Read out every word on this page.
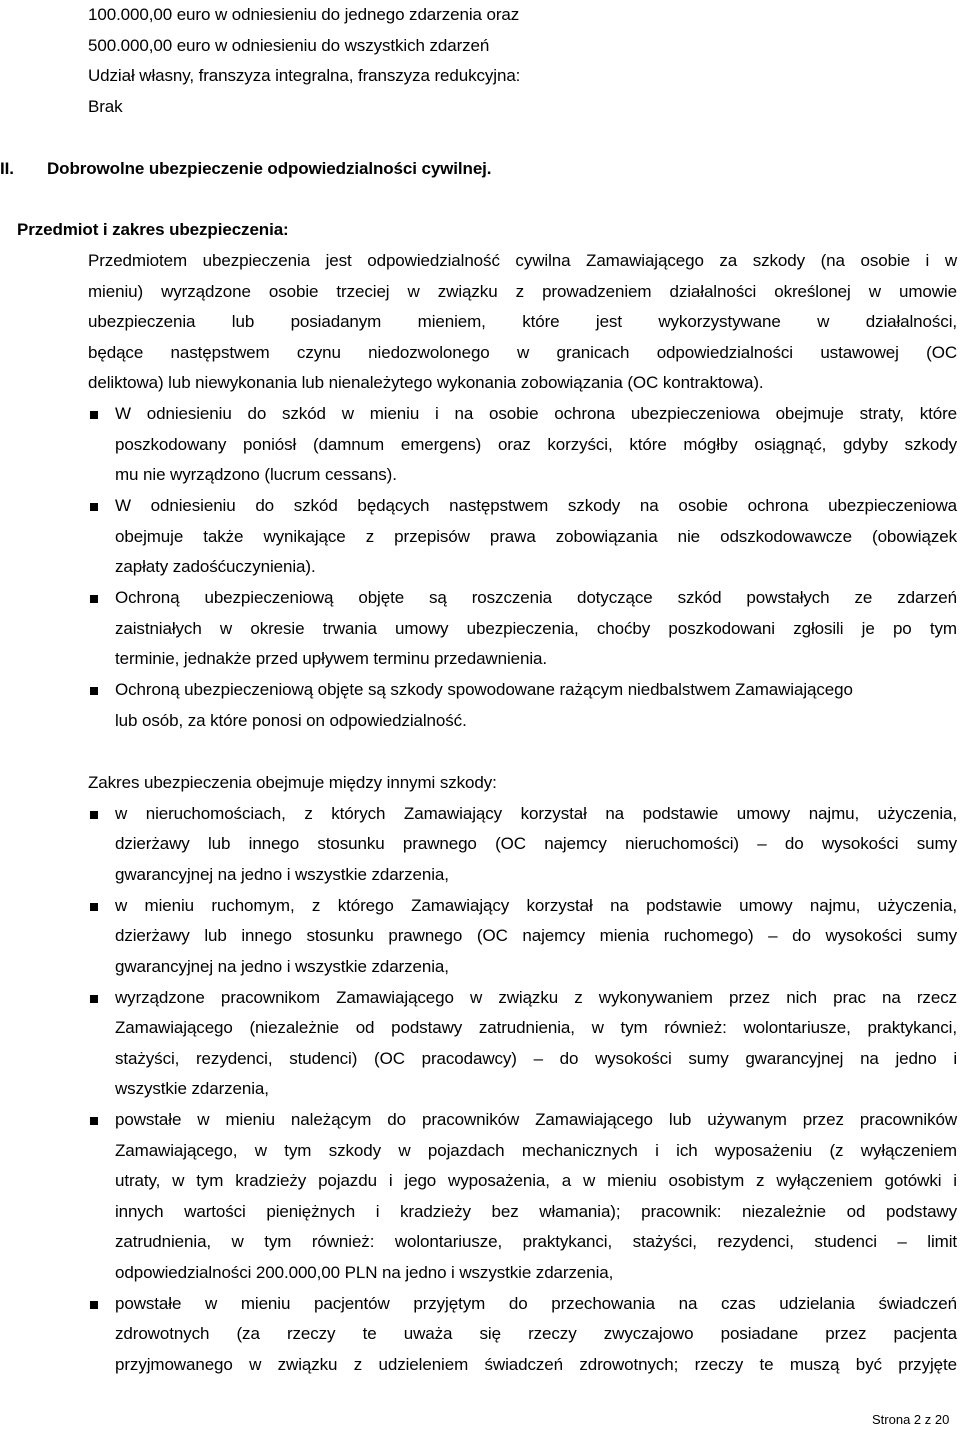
100.000,00 euro w odniesieniu do jednego zdarzenia oraz
500.000,00 euro w odniesieniu do wszystkich zdarzeń
Udział własny, franszyza integralna, franszyza redukcyjna:
Brak
II. Dobrowolne ubezpieczenie odpowiedzialności cywilnej.
Przedmiot i zakres ubezpieczenia:
Przedmiotem ubezpieczenia jest odpowiedzialność cywilna Zamawiającego za szkody (na osobie i w
mieniu) wyrządzone osobie trzeciej w związku z prowadzeniem działalności określonej w umowie
ubezpieczenia lub posiadanym mieniem, które jest wykorzystywane w działalności,
będące następstwem czynu niedozwolonego w granicach odpowiedzialności ustawowej (OC
deliktowa) lub niewykonania lub nienależytego wykonania zobowiązania (OC kontraktowa).
W odniesieniu do szkód w mieniu i na osobie ochrona ubezpieczeniowa obejmuje straty, które
poszkodowany poniósł (damnum emergens) oraz korzyści, które mógłby osiągnąć, gdyby szkody
mu nie wyrządzono (lucrum cessans).
W odniesieniu do szkód będących następstwem szkody na osobie ochrona ubezpieczeniowa
obejmuje także wynikające z przepisów prawa zobowiązania nie odszkodowawcze (obowiązek
zapłaty zadośćuczynienia).
Ochroną ubezpieczeniową objęte są roszczenia dotyczące szkód powstałych ze zdarzeń
zaistniałych w okresie trwania umowy ubezpieczenia, choćby poszkodowani zgłosili je po tym
terminie, jednakże przed upływem terminu przedawnienia.
Ochroną ubezpieczeniową objęte są szkody spowodowane rażącym niedbalstwem Zamawiającego
lub osób, za które ponosi on odpowiedzialność.
Zakres ubezpieczenia obejmuje między innymi szkody:
w nieruchomościach, z których Zamawiający korzystał na podstawie umowy najmu, użyczenia,
dzierżawy lub innego stosunku prawnego (OC najemcy nieruchomości) – do wysokości sumy
gwarancyjnej na jedno i wszystkie zdarzenia,
w mieniu ruchomym, z którego Zamawiający korzystał na podstawie umowy najmu, użyczenia,
dzierżawy lub innego stosunku prawnego (OC najemcy mienia ruchomego) – do wysokości sumy
gwarancyjnej na jedno i wszystkie zdarzenia,
wyrządzone pracownikom Zamawiającego w związku z wykonywaniem przez nich prac na rzecz
Zamawiającego (niezależnie od podstawy zatrudnienia, w tym również: wolontariusze, praktykanci,
stażyści, rezydenci, studenci) (OC pracodawcy) – do wysokości sumy gwarancyjnej na jedno i
wszystkie zdarzenia,
powstałe w mieniu należącym do pracowników Zamawiającego lub używanym przez pracowników
Zamawiającego, w tym szkody w pojazdach mechanicznych i ich wyposażeniu (z wyłączeniem
utraty, w tym kradzieży pojazdu i jego wyposażenia, a w mieniu osobistym z wyłączeniem gotówki i
innych wartości pieniężnych i kradzieży bez włamania); pracownik: niezależnie od podstawy
zatrudnienia, w tym również: wolontariusze, praktykanci, stażyści, rezydenci, studenci – limit
odpowiedzialności 200.000,00 PLN na jedno i wszystkie zdarzenia,
powstałe w mieniu pacjentów przyjętym do przechowania na czas udzielania świadczeń
zdrowotnych (za rzeczy te uważa się rzeczy zwyczajowo posiadane przez pacjenta
przyjmowanego w związku z udzieleniem świadczeń zdrowotnych; rzeczy te muszą być przyjęte
Strona 2 z 20
